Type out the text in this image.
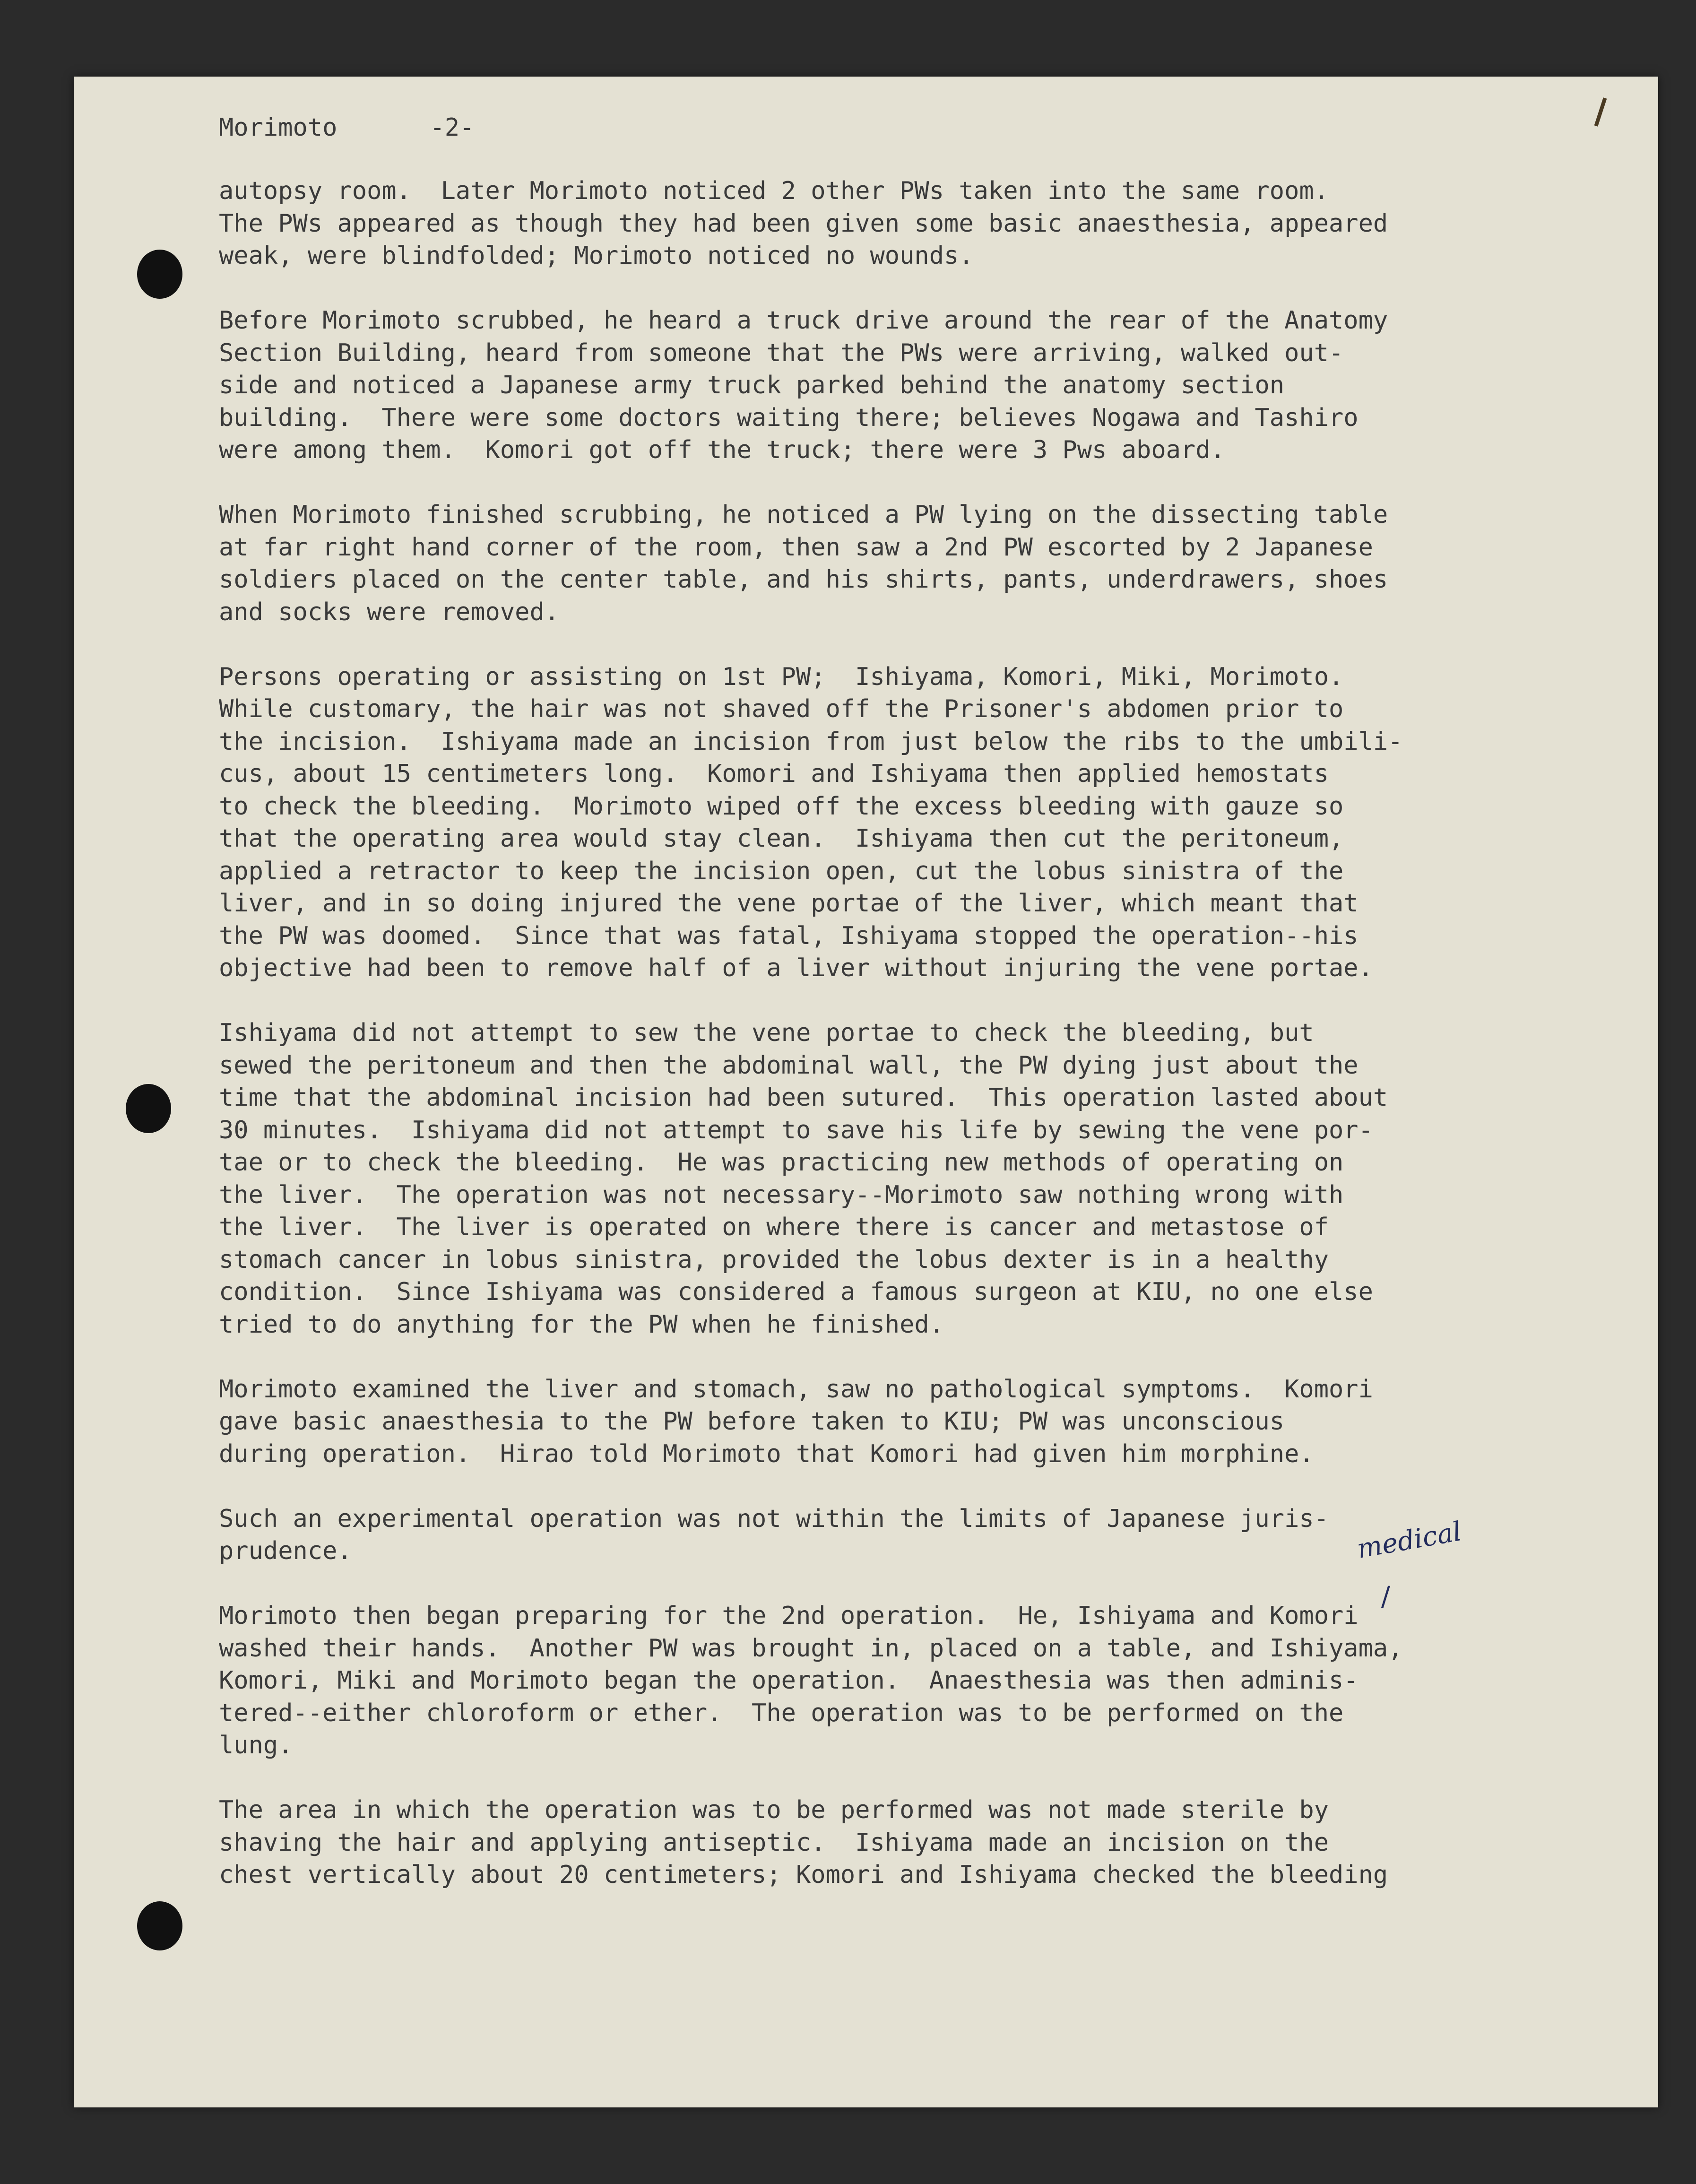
Morimoto	-2-
autopsy room.  Later Morimoto noticed 2 other PWs taken into the same room.
The PWs appeared as though they had been given some basic anaesthesia, appeared
weak, were blindfolded; Morimoto noticed no wounds.
Before Morimoto scrubbed, he heard a truck drive around the rear of the Anatomy
Section Building, heard from someone that the PWs were arriving, walked out-
side and noticed a Japanese army truck parked behind the anatomy section
building.  There were some doctors waiting there; believes Nogawa and Tashiro
were among them.  Komori got off the truck; there were 3 Pws aboard.
When Morimoto finished scrubbing, he noticed a PW lying on the dissecting table
at far right hand corner of the room, then saw a 2nd PW escorted by 2 Japanese
soldiers placed on the center table, and his shirts, pants, underdrawers, shoes
and socks were removed.
Persons operating or assisting on 1st PW;  Ishiyama, Komori, Miki, Morimoto.
While customary, the hair was not shaved off the Prisoner's abdomen prior to
the incision.  Ishiyama made an incision from just below the ribs to the umbili-
cus, about 15 centimeters long.  Komori and Ishiyama then applied hemostats
to check the bleeding.  Morimoto wiped off the excess bleeding with gauze so
that the operating area would stay clean.  Ishiyama then cut the peritoneum,
applied a retractor to keep the incision open, cut the lobus sinistra of the
liver, and in so doing injured the vene portae of the liver, which meant that
the PW was doomed.  Since that was fatal, Ishiyama stopped the operation--his
objective had been to remove half of a liver without injuring the vene portae.
Ishiyama did not attempt to sew the vene portae to check the bleeding, but
sewed the peritoneum and then the abdominal wall, the PW dying just about the
time that the abdominal incision had been sutured.  This operation lasted about
30 minutes.  Ishiyama did not attempt to save his life by sewing the vene por-
tae or to check the bleeding.  He was practicing new methods of operating on
the liver.  The operation was not necessary--Morimoto saw nothing wrong with
the liver.  The liver is operated on where there is cancer and metastose of
stomach cancer in lobus sinistra, provided the lobus dexter is in a healthy
condition.  Since Ishiyama was considered a famous surgeon at KIU, no one else
tried to do anything for the PW when he finished.
Morimoto examined the liver and stomach, saw no pathological symptoms.  Komori
gave basic anaesthesia to the PW before taken to KIU; PW was unconscious
during operation.  Hirao told Morimoto that Komori had given him morphine.
Such an experimental operation was not within the limits of Japanese juris-
prudence.
Morimoto then began preparing for the 2nd operation.  He, Ishiyama and Komori
washed their hands.  Another PW was brought in, placed on a table, and Ishiyama,
Komori, Miki and Morimoto began the operation.  Anaesthesia was then adminis-
tered--either chloroform or ether.  The operation was to be performed on the
lung.
The area in which the operation was to be performed was not made sterile by
shaving the hair and applying antiseptic.  Ishiyama made an incision on the
chest vertically about 20 centimeters; Komori and Ishiyama checked the bleeding
medical
/
